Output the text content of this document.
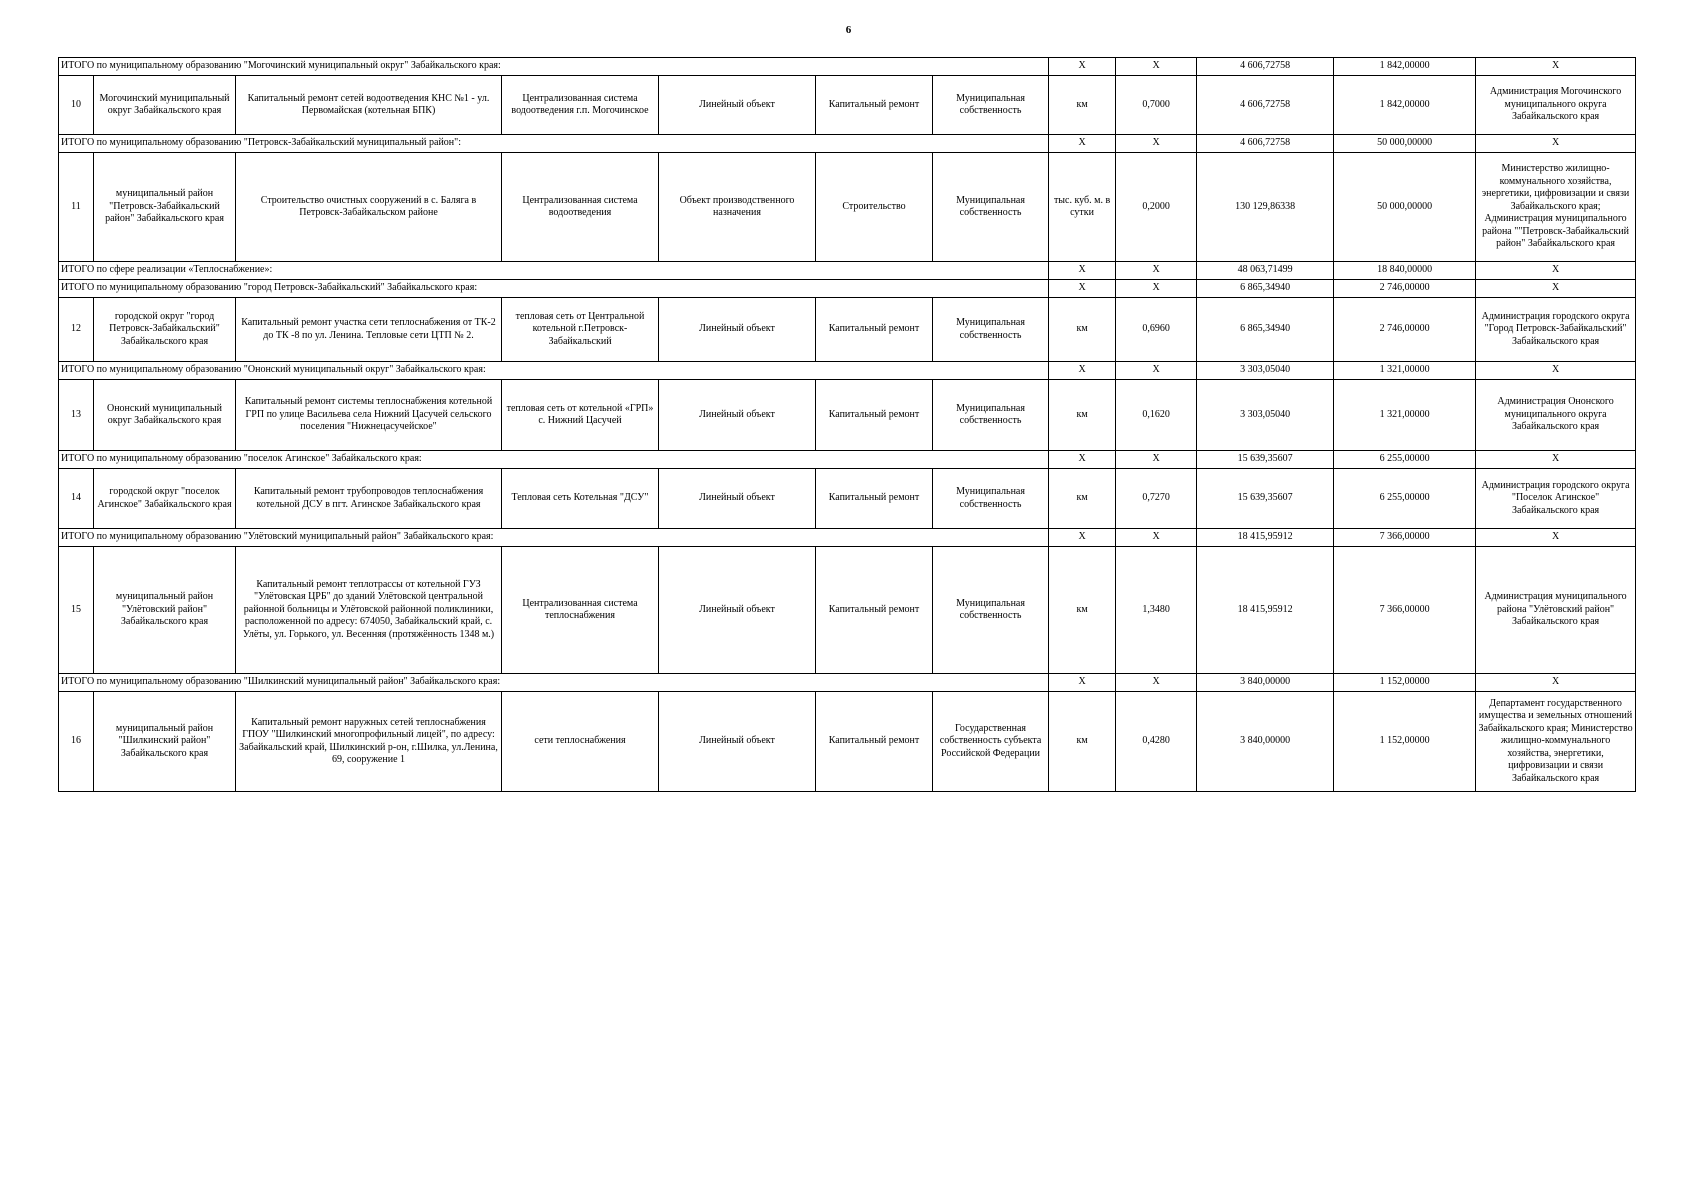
6
ИТОГО по муниципальному образованию "Могочинский муниципальный округ" Забайкальского края:							X	X	4 606,72758	1 842,00000	X
10	Могочинский муниципальный округ Забайкальского края	Капитальный ремонт сетей водоотведения КНС №1 - ул. Первомайская (котельная БПК)	Централизованная система водоотведения г.п. Могочинское	Линейный объект	Капитальный ремонт	Муниципальная собственность	км	0,7000	4 606,72758	1 842,00000	Администрация Могочинского муниципального округа Забайкальского края
ИТОГО по муниципальному образованию "Петровск-Забайкальский муниципальный район":							X	X	4 606,72758	50 000,00000	X
11	муниципальный район "Петровск-Забайкальский район" Забайкальского края	Строительство очистных сооружений в с. Баляга в Петровск-Забайкальском районе	Централизованная система водоотведения	Объект производственного назначения	Строительство	Муниципальная собственность	тыс. куб. м. в сутки	0,2000	130 129,86338	50 000,00000	Министерство жилищно-коммунального хозяйства, энергетики, цифровизации и связи Забайкальского края; Администрация муниципального района ""Петровск-Забайкальский район" Забайкальского края
ИТОГО по сфере реализации «Теплоснабжение»:							X	X	48 063,71499	18 840,00000	X
ИТОГО по муниципальному образованию "город Петровск-Забайкальский" Забайкальского края:							X	X	6 865,34940	2 746,00000	X
12	городской округ "город Петровск-Забайкальский" Забайкальского края	Капитальный ремонт участка сети теплоснабжения от ТК-2 до ТК -8 по ул. Ленина. Тепловые сети ЦТП № 2.	тепловая сеть от Центральной котельной г.Петровск-Забайкальский	Линейный объект	Капитальный ремонт	Муниципальная собственность	км	0,6960	6 865,34940	2 746,00000	Администрация городского округа "Город Петровск-Забайкальский" Забайкальского края
ИТОГО по муниципальному образованию "Ононский муниципальный округ" Забайкальского края:							X	X	3 303,05040	1 321,00000	X
13	Ононский муниципальный округ Забайкальского края	Капитальный ремонт системы теплоснабжения котельной ГРП по улице Васильева села Нижний Цасучей сельского поселения "Нижнецасучейское"	тепловая сеть от котельной «ГРП» с. Нижний Цасучей	Линейный объект	Капитальный ремонт	Муниципальная собственность	км	0,1620	3 303,05040	1 321,00000	Администрация Ононского муниципального округа Забайкальского края
ИТОГО по муниципальному образованию "поселок Агинское" Забайкальского края:							X	X	15 639,35607	6 255,00000	X
14	городской округ "поселок Агинское" Забайкальского края	Капитальный ремонт трубопроводов теплоснабжения котельной ДСУ в пгт. Агинское Забайкальского края	Тепловая сеть Котельная "ДСУ"	Линейный объект	Капитальный ремонт	Муниципальная собственность	км	0,7270	15 639,35607	6 255,00000	Администрация городского округа "Поселок Агинское" Забайкальского края
ИТОГО по муниципальному образованию "Улётовский муниципальный район" Забайкальского края:							X	X	18 415,95912	7 366,00000	X
15	муниципальный район "Улётовский район" Забайкальского края	Капитальный ремонт теплотрассы от котельной ГУЗ "Улётовская ЦРБ" до зданий Улётовской центральной районной больницы и Улётовской районной поликлиники, расположенной по адресу: 674050, Забайкальский край, с. Улёты, ул. Горького, ул. Весенняя (протяжённость 1348 м.)	Централизованная система теплоснабжения	Линейный объект	Капитальный ремонт	Муниципальная собственность	км	1,3480	18 415,95912	7 366,00000	Администрация муниципального района "Улётовский район" Забайкальского края
ИТОГО по муниципальному образованию "Шилкинский муниципальный район" Забайкальского края:							X	X	3 840,00000	1 152,00000	X
16	муниципальный район "Шилкинский район" Забайкальского края	Капитальный ремонт наружных сетей теплоснабжения ГПОУ "Шилкинский многопрофильный лицей", по адресу: Забайкальский край, Шилкинский р-он, г.Шилка, ул.Ленина, 69, сооружение 1	сети теплоснабжения	Линейный объект	Капитальный ремонт	Государственная собственность субъекта Российской Федерации	км	0,4280	3 840,00000	1 152,00000	Департамент государственного имущества и земельных отношений Забайкальского края; Министерство жилищно-коммунального хозяйства, энергетики, цифровизации и связи Забайкальского края
